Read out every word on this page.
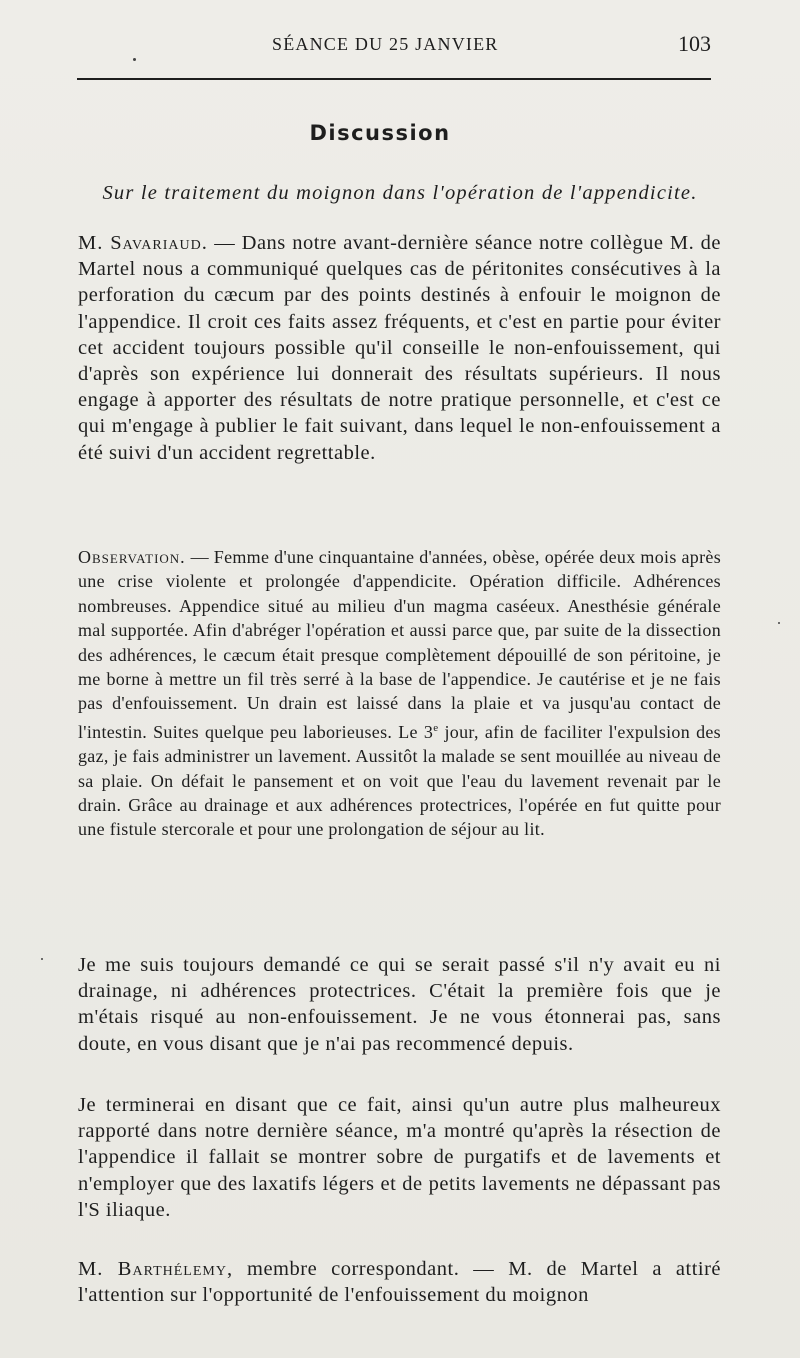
SÉANCE DU 25 JANVIER	103
Discussion
Sur le traitement du moignon dans l'opération de l'appendicite.

M. Savariaud. — Dans notre avant-dernière séance notre collègue M. de Martel nous a communiqué quelques cas de péritonites consécutives à la perforation du cæcum par des points destinés à enfouir le moignon de l'appendice. Il croit ces faits assez fréquents, et c'est en partie pour éviter cet accident toujours possible qu'il conseille le non-enfouissement, qui d'après son expérience lui donnerait des résultats supérieurs. Il nous engage à apporter des résultats de notre pratique personnelle, et c'est ce qui m'engage à publier le fait suivant, dans lequel le non-enfouissement a été suivi d'un accident regrettable.

Observation. — Femme d'une cinquantaine d'années, obèse, opérée deux mois après une crise violente et prolongée d'appendicite. Opération difficile. Adhérences nombreuses. Appendice situé au milieu d'un magma caséeux. Anesthésie générale mal supportée. Afin d'abréger l'opération et aussi parce que, par suite de la dissection des adhérences, le cæcum était presque complètement dépouillé de son péritoine, je me borne à mettre un fil très serré à la base de l'appendice. Je cautérise et je ne fais pas d'enfouissement. Un drain est laissé dans la plaie et va jusqu'au contact de l'intestin. Suites quelque peu laborieuses. Le 3e jour, afin de faciliter l'expulsion des gaz, je fais administrer un lavement. Aussitôt la malade se sent mouillée au niveau de sa plaie. On défait le pansement et on voit que l'eau du lavement revenait par le drain. Grâce au drainage et aux adhérences protectrices, l'opérée en fut quitte pour une fistule stercorale et pour une prolongation de séjour au lit.

Je me suis toujours demandé ce qui se serait passé s'il n'y avait eu ni drainage, ni adhérences protectrices. C'était la première fois que je m'étais risqué au non-enfouissement. Je ne vous étonnerai pas, sans doute, en vous disant que je n'ai pas recommencé depuis.

Je terminerai en disant que ce fait, ainsi qu'un autre plus malheureux rapporté dans notre dernière séance, m'a montré qu'après la résection de l'appendice il fallait se montrer sobre de purgatifs et de lavements et n'employer que des laxatifs légers et de petits lavements ne dépassant pas l'S iliaque.

M. Barthélemy, membre correspondant. — M. de Martel a attiré l'attention sur l'opportunité de l'enfouissement du moignon
